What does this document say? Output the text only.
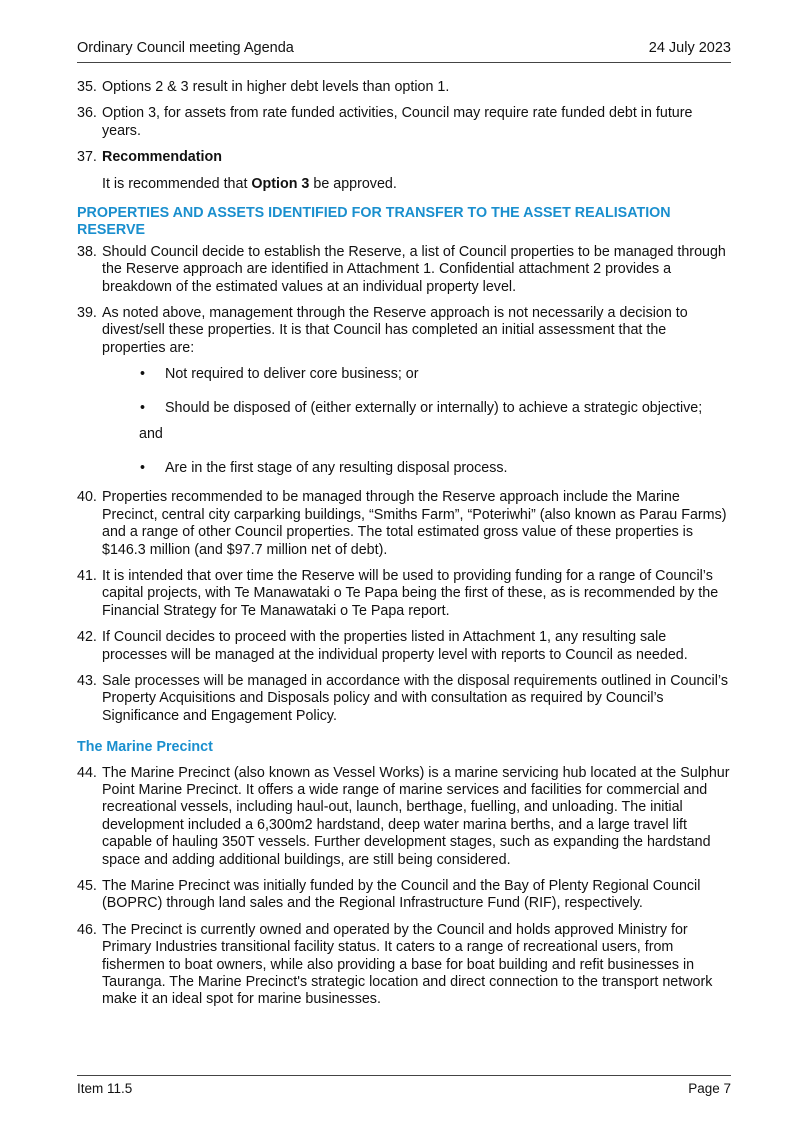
Ordinary Council meeting Agenda	24 July 2023
35. Options 2 & 3 result in higher debt levels than option 1.
36. Option 3, for assets from rate funded activities, Council may require rate funded debt in future years.
37. Recommendation
It is recommended that Option 3 be approved.
PROPERTIES AND ASSETS IDENTIFIED FOR TRANSFER TO THE ASSET REALISATION RESERVE
38. Should Council decide to establish the Reserve, a list of Council properties to be managed through the Reserve approach are identified in Attachment 1. Confidential attachment 2 provides a breakdown of the estimated values at an individual property level.
39. As noted above, management through the Reserve approach is not necessarily a decision to divest/sell these properties. It is that Council has completed an initial assessment that the properties are:
• Not required to deliver core business; or
• Should be disposed of (either externally or internally) to achieve a strategic objective;
and
• Are in the first stage of any resulting disposal process.
40. Properties recommended to be managed through the Reserve approach include the Marine Precinct, central city carparking buildings, “Smiths Farm”, “Poteriwhi” (also known as Parau Farms) and a range of other Council properties. The total estimated gross value of these properties is $146.3 million (and $97.7 million net of debt).
41. It is intended that over time the Reserve will be used to providing funding for a range of Council’s capital projects, with Te Manawataki o Te Papa being the first of these, as is recommended by the Financial Strategy for Te Manawataki o Te Papa report.
42. If Council decides to proceed with the properties listed in Attachment 1, any resulting sale processes will be managed at the individual property level with reports to Council as needed.
43. Sale processes will be managed in accordance with the disposal requirements outlined in Council’s Property Acquisitions and Disposals policy and with consultation as required by Council’s Significance and Engagement Policy.
The Marine Precinct
44. The Marine Precinct (also known as Vessel Works) is a marine servicing hub located at the Sulphur Point Marine Precinct. It offers a wide range of marine services and facilities for commercial and recreational vessels, including haul-out, launch, berthage, fuelling, and unloading. The initial development included a 6,300m2 hardstand, deep water marina berths, and a large travel lift capable of hauling 350T vessels. Further development stages, such as expanding the hardstand space and adding additional buildings, are still being considered.
45. The Marine Precinct was initially funded by the Council and the Bay of Plenty Regional Council (BOPRC) through land sales and the Regional Infrastructure Fund (RIF), respectively.
46. The Precinct is currently owned and operated by the Council and holds approved Ministry for Primary Industries transitional facility status. It caters to a range of recreational users, from fishermen to boat owners, while also providing a base for boat building and refit businesses in Tauranga. The Marine Precinct's strategic location and direct connection to the transport network make it an ideal spot for marine businesses.
Item 11.5	Page 7
